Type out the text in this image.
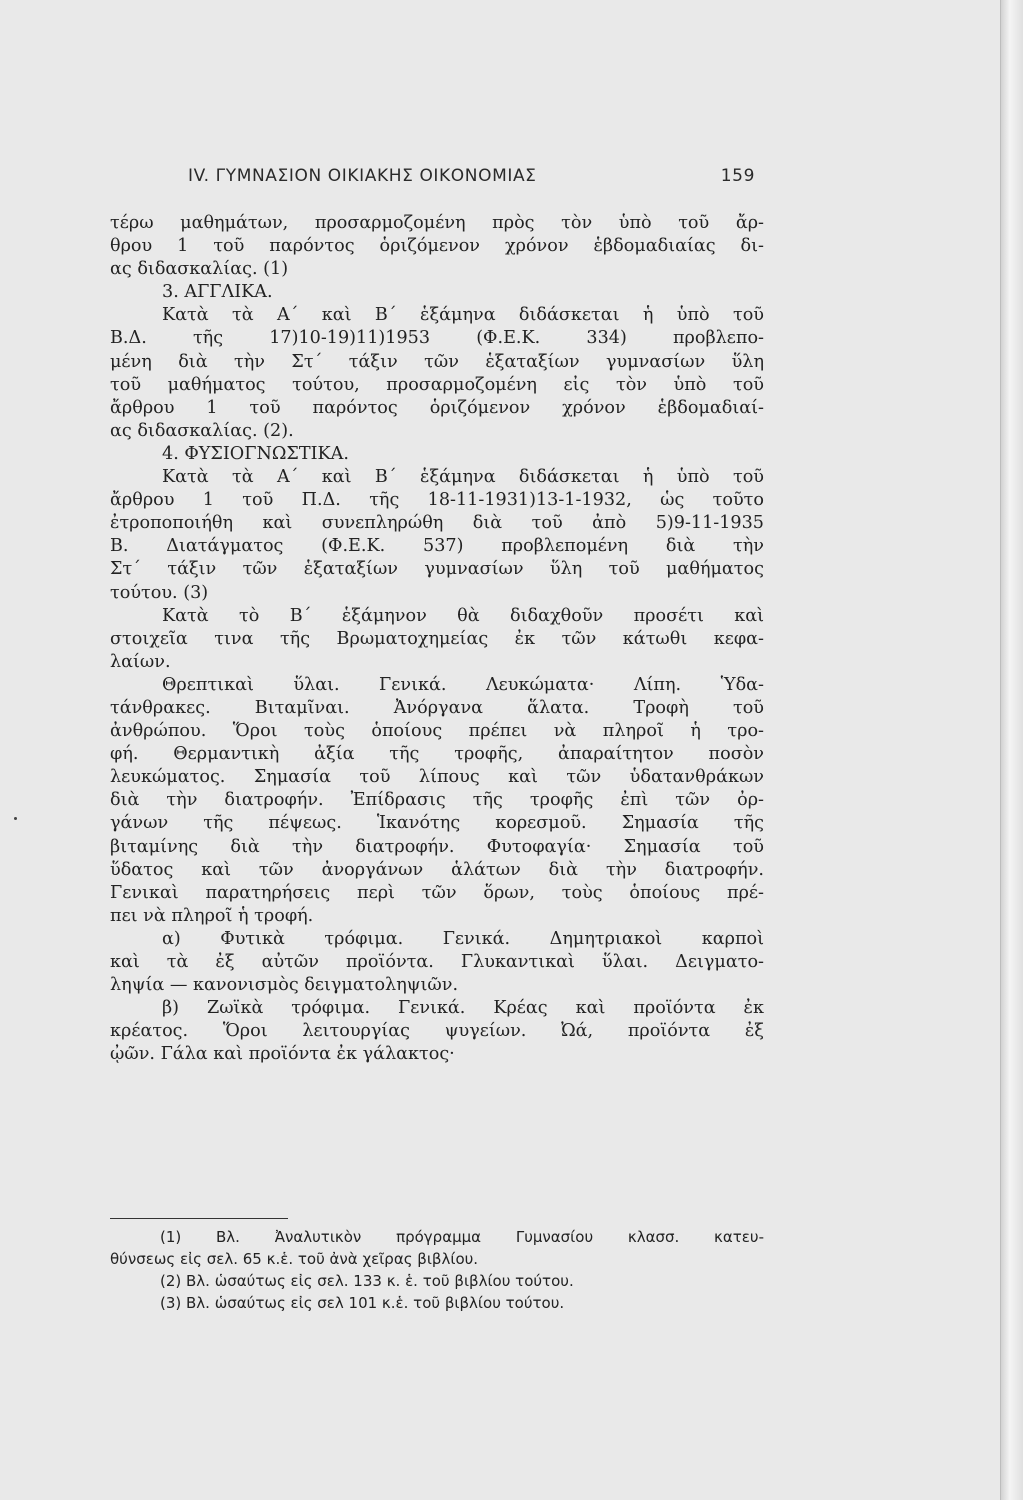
IV. ΓΥΜΝΑΣΙΟΝ ΟΙΚΙΑΚΗΣ ΟΙΚΟΝΟΜΙΑΣ	159
τέρω μαθημάτων, προσαρμοζομένη πρὸς τὸν ὑπὸ τοῦ ἄρ-
θρου 1 τοῦ παρόντος ὁριζόμενον χρόνον ἑβδομαδιαίας δι-
ας διδασκαλίας. (1)
3. ΑΓΓΛΙΚΑ.
Κατὰ τὰ Α΄ καὶ Β΄ ἑξάμηνα διδάσκεται ἡ ὑπὸ τοῦ
Β.Δ. τῆς 17)10-19)11)1953 (Φ.Ε.Κ. 334) προβλεπο-
μένη διὰ τὴν Στ΄ τάξιν τῶν ἑξαταξίων γυμνασίων ὕλη
τοῦ μαθήματος τούτου, προσαρμοζομένη εἰς τὸν ὑπὸ τοῦ
ἄρθρου 1 τοῦ παρόντος ὁριζόμενον χρόνον ἑβδομαδιαί-
ας διδασκαλίας. (2).
4. ΦΥΣΙΟΓΝΩΣΤΙΚΑ.
Κατὰ τὰ Α΄ καὶ Β΄ ἑξάμηνα διδάσκεται ἡ ὑπὸ τοῦ
ἄρθρου 1 τοῦ Π.Δ. τῆς 18-11-1931)13-1-1932, ὡς τοῦτο
ἐτροποποιήθη καὶ συνεπληρώθη διὰ τοῦ ἀπὸ 5)9-11-1935
Β. Διατάγματος (Φ.Ε.Κ. 537) προβλεπομένη διὰ τὴν
Στ΄ τάξιν τῶν ἑξαταξίων γυμνασίων ὕλη τοῦ μαθήματος
τούτου. (3)
Κατὰ τὸ Β΄ ἑξάμηνον θὰ διδαχθοῦν προσέτι καὶ
στοιχεῖα τινα τῆς Βρωματοχημείας ἐκ τῶν κάτωθι κεφα-
λαίων.
Θρεπτικαὶ ὕλαι. Γενικά. Λευκώματα· Λίπη. Ὑδα-
τάνθρακες. Βιταμῖναι. Ἀνόργανα ἅλατα. Τροφὴ τοῦ
ἀνθρώπου. Ὅροι τοὺς ὁποίους πρέπει νὰ πληροῖ ἡ τρο-
φή. Θερμαντικὴ ἀξία τῆς τροφῆς, ἀπαραίτητον ποσὸν
λευκώματος. Σημασία τοῦ λίπους καὶ τῶν ὑδατανθράκων
διὰ τὴν διατροφήν. Ἐπίδρασις τῆς τροφῆς ἐπὶ τῶν ὀρ-
γάνων τῆς πέψεως. Ἱκανότης κορεσμοῦ. Σημασία τῆς
βιταμίνης διὰ τὴν διατροφήν. Φυτοφαγία· Σημασία τοῦ
ὕδατος καὶ τῶν ἀνοργάνων ἁλάτων διὰ τὴν διατροφήν.
Γενικαὶ παρατηρήσεις περὶ τῶν ὅρων, τοὺς ὁποίους πρέ-
πει νὰ πληροῖ ἡ τροφή.
α) Φυτικὰ τρόφιμα. Γενικά. Δημητριακοὶ καρποὶ
καὶ τὰ ἐξ αὐτῶν προϊόντα. Γλυκαντικαὶ ὕλαι. Δειγματο-
ληψία — κανονισμὸς δειγματοληψιῶν.
β) Ζωϊκὰ τρόφιμα. Γενικά. Κρέας καὶ προϊόντα ἐκ
κρέατος. Ὅροι λειτουργίας ψυγείων. Ὠά, προϊόντα ἐξ
ᾠῶν. Γάλα καὶ προϊόντα ἐκ γάλακτος·
(1) Βλ. Ἀναλυτικὸν πρόγραμμα Γυμνασίου κλασσ. κατευ-
θύνσεως εἰς σελ. 65 κ.ἑ. τοῦ ἀνὰ χεῖρας βιβλίου.
(2) Βλ. ὡσαύτως εἰς σελ. 133 κ. ἑ. τοῦ βιβλίου τούτου.
(3) Βλ. ὡσαύτως εἰς σελ 101 κ.ἑ. τοῦ βιβλίου τούτου.
